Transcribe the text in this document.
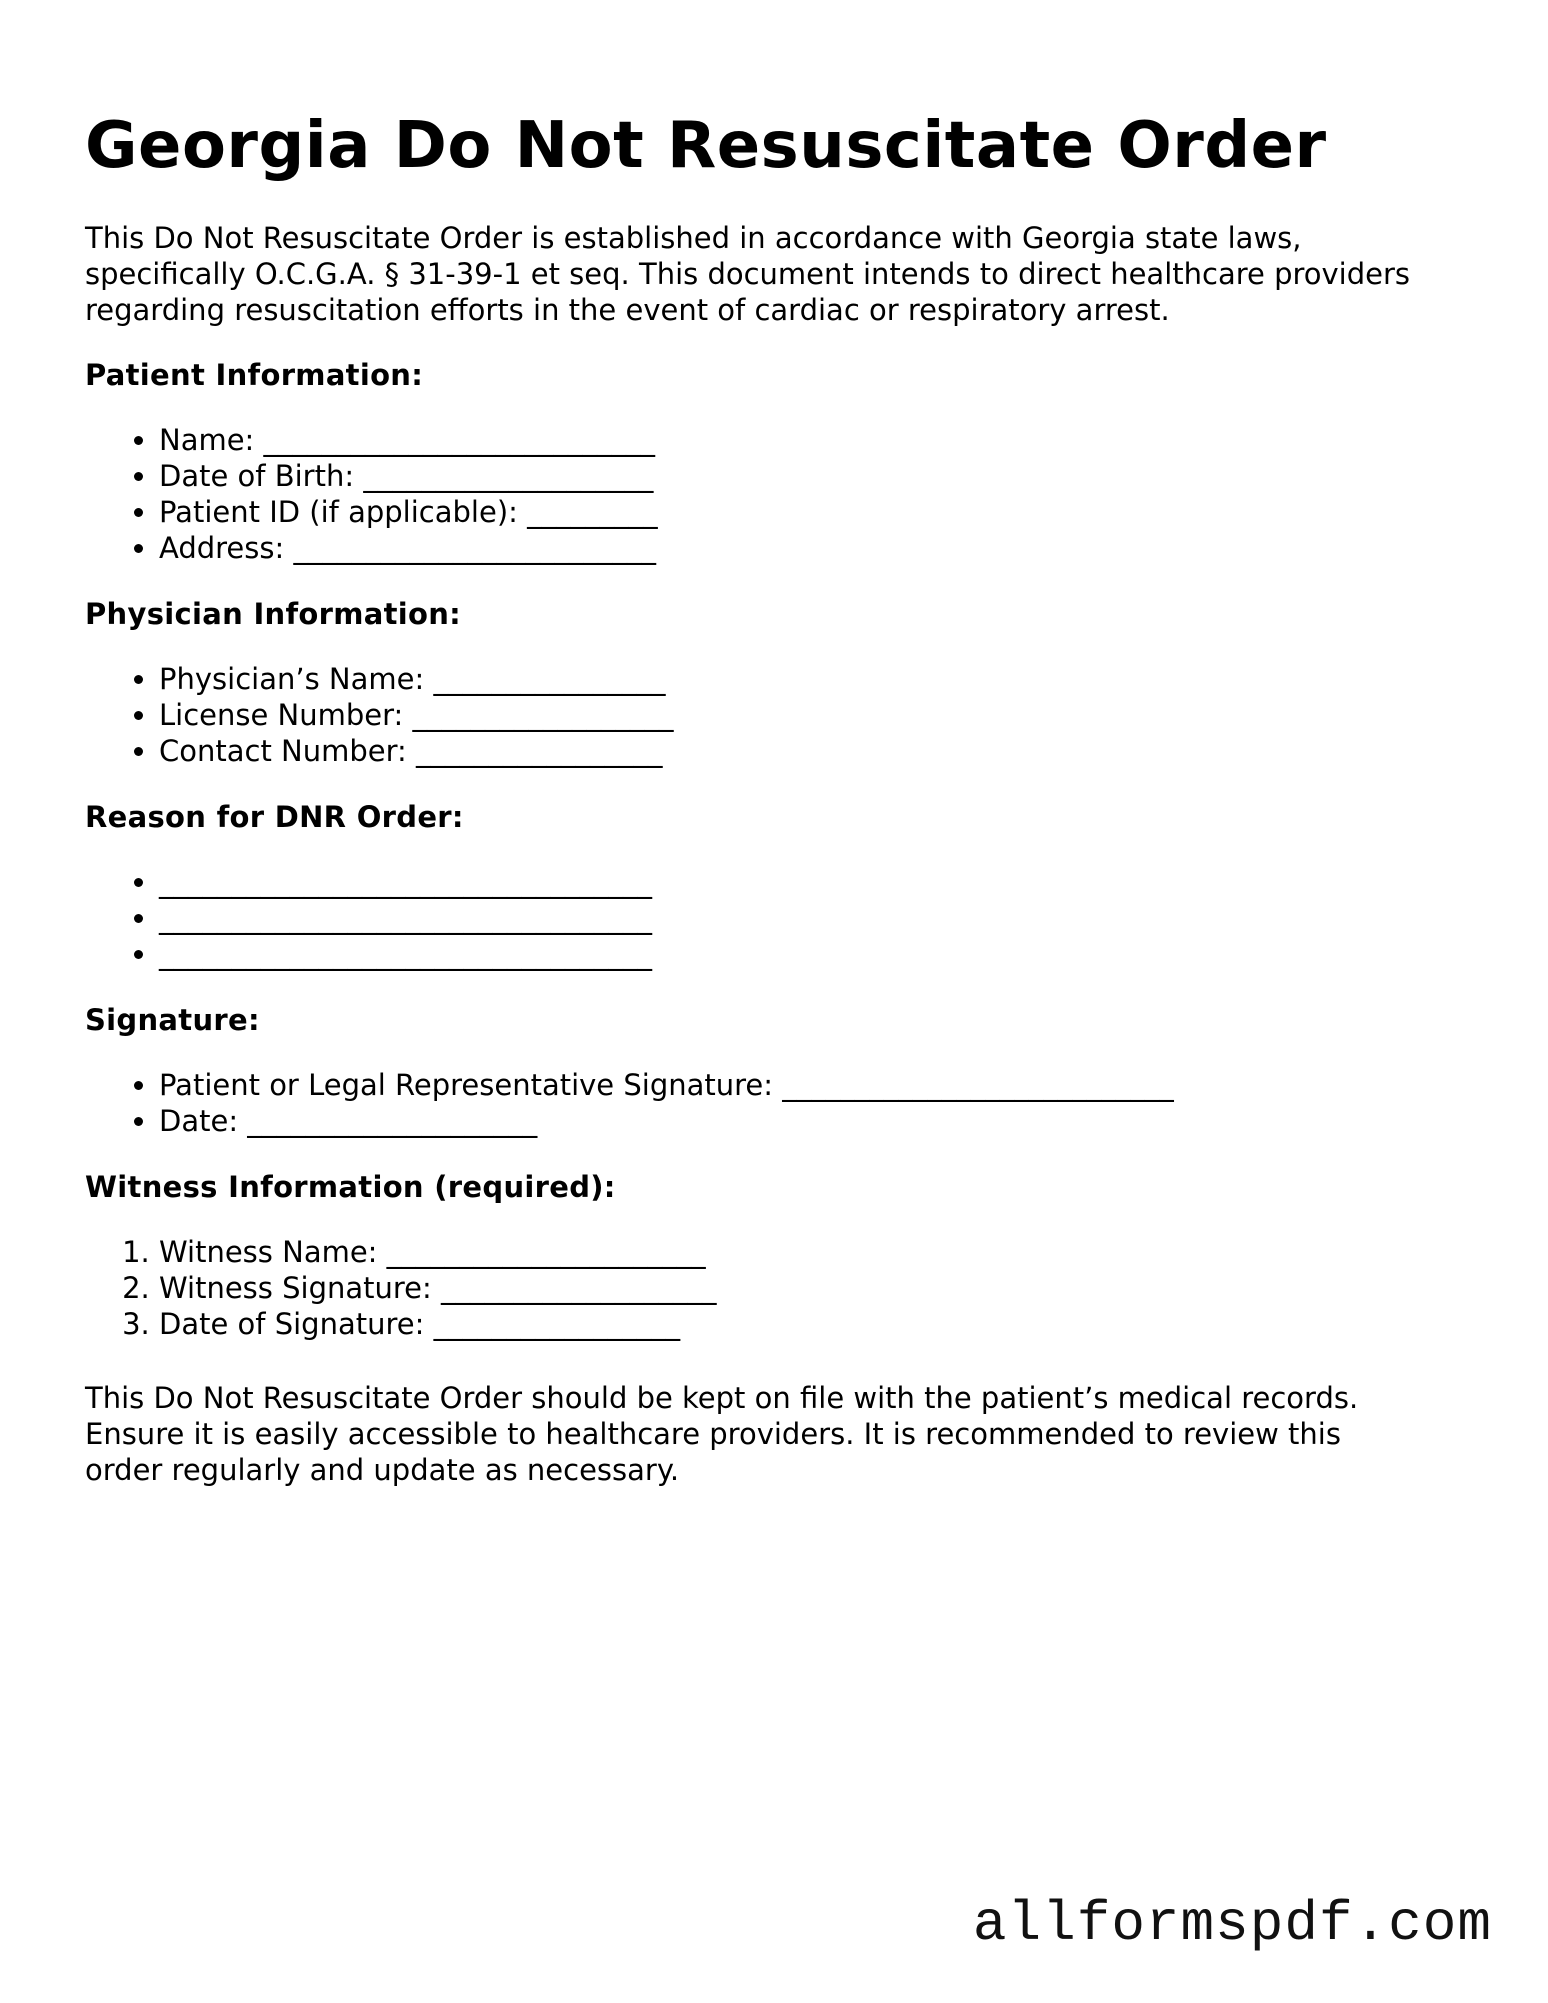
Georgia Do Not Resuscitate Order

This Do Not Resuscitate Order is established in accordance with Georgia state laws,
specifically O.C.G.A. § 31-39-1 et seq. This document intends to direct healthcare providers
regarding resuscitation efforts in the event of cardiac or respiratory arrest.

Patient Information:

• Name: ___________________________
• Date of Birth: ____________________
• Patient ID (if applicable): _________
• Address: _________________________

Physician Information:

• Physician’s Name: ________________
• License Number: __________________
• Contact Number: _________________

Reason for DNR Order:

• __________________________________
• __________________________________
• __________________________________

Signature:

• Patient or Legal Representative Signature: ___________________________
• Date: ____________________

Witness Information (required):

1. Witness Name: ______________________
2. Witness Signature: ___________________
3. Date of Signature: _________________

This Do Not Resuscitate Order should be kept on file with the patient’s medical records.
Ensure it is easily accessible to healthcare providers. It is recommended to review this
order regularly and update as necessary.

allformspdf.com
